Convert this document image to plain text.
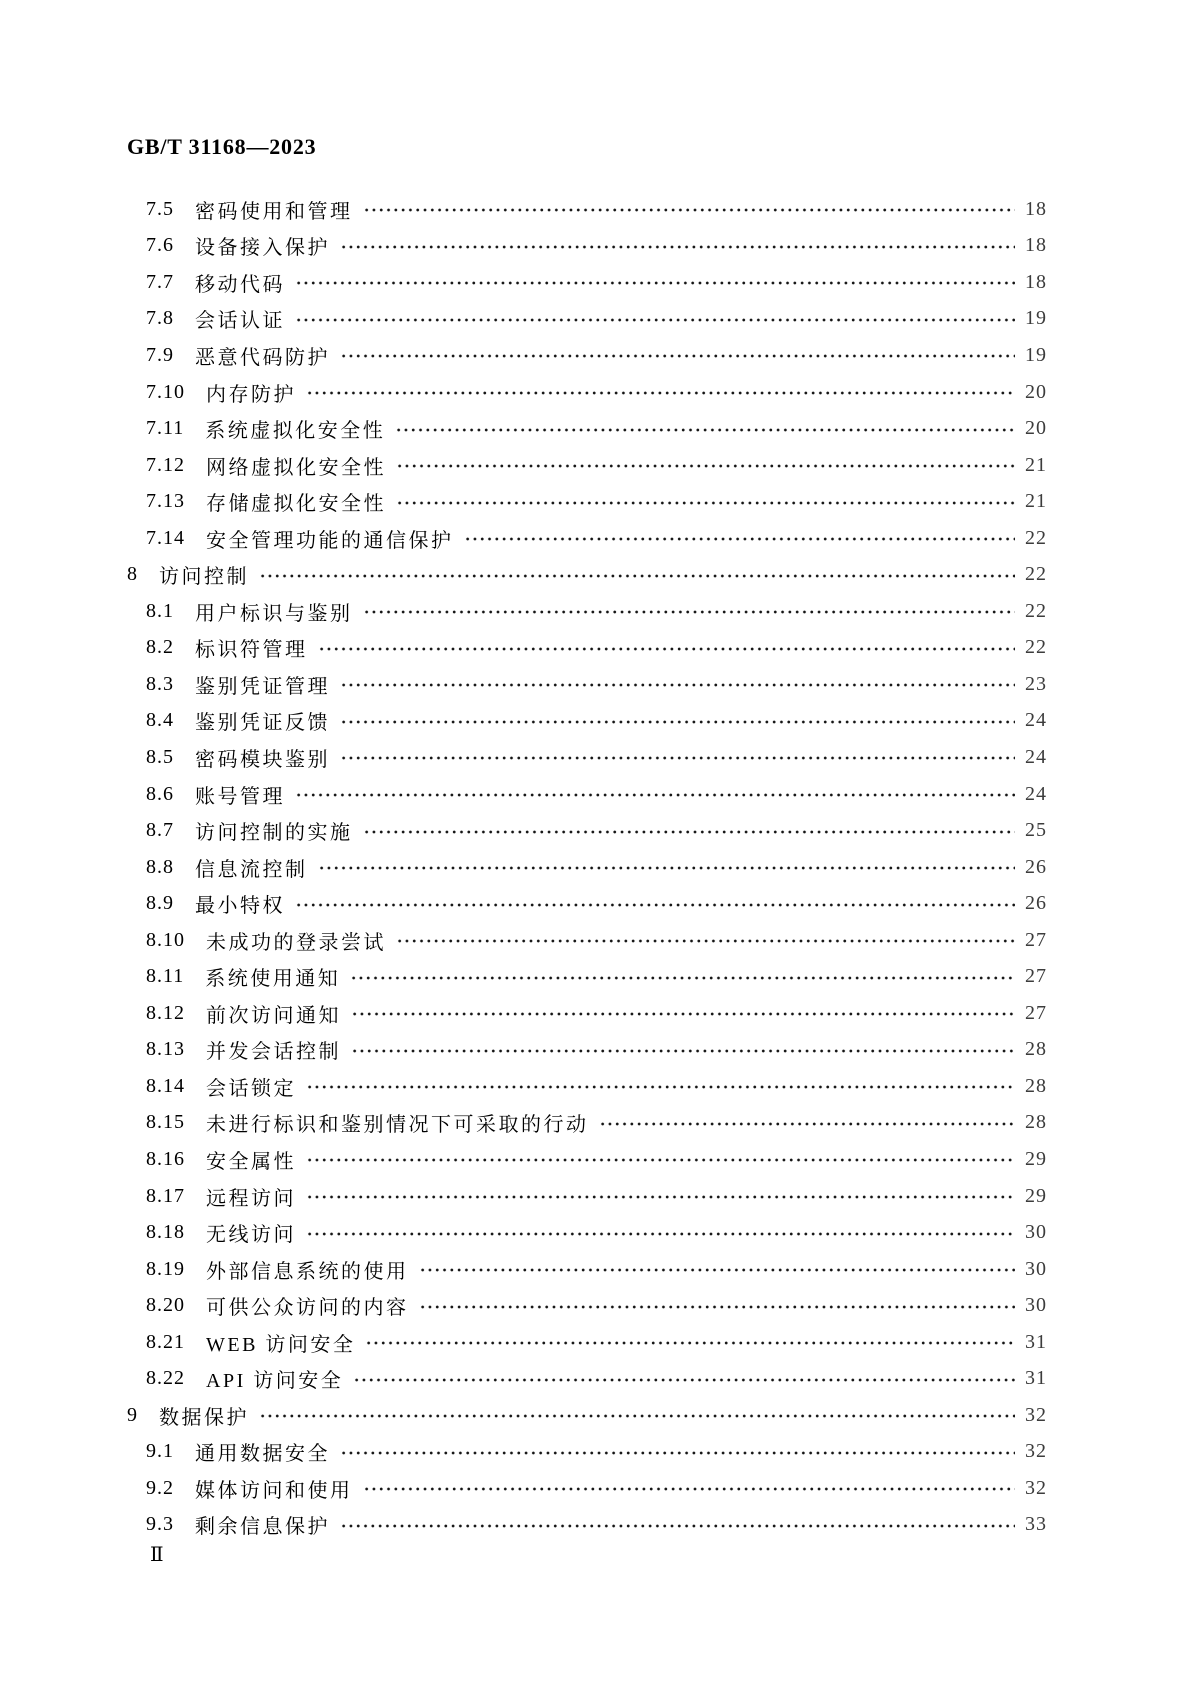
GB/T 31168—2023
7.5 密码使用和管理	18
7.6 设备接入保护	18
7.7 移动代码	18
7.8 会话认证	19
7.9 恶意代码防护	19
7.10 内存防护	20
7.11 系统虚拟化安全性	20
7.12 网络虚拟化安全性	21
7.13 存储虚拟化安全性	21
7.14 安全管理功能的通信保护	22
8 访问控制	22
8.1 用户标识与鉴别	22
8.2 标识符管理	22
8.3 鉴别凭证管理	23
8.4 鉴别凭证反馈	24
8.5 密码模块鉴别	24
8.6 账号管理	24
8.7 访问控制的实施	25
8.8 信息流控制	26
8.9 最小特权	26
8.10 未成功的登录尝试	27
8.11 系统使用通知	27
8.12 前次访问通知	27
8.13 并发会话控制	28
8.14 会话锁定	28
8.15 未进行标识和鉴别情况下可采取的行动	28
8.16 安全属性	29
8.17 远程访问	29
8.18 无线访问	30
8.19 外部信息系统的使用	30
8.20 可供公众访问的内容	30
8.21 WEB 访问安全	31
8.22 API 访问安全	31
9 数据保护	32
9.1 通用数据安全	32
9.2 媒体访问和使用	32
9.3 剩余信息保护	33
Ⅱ
